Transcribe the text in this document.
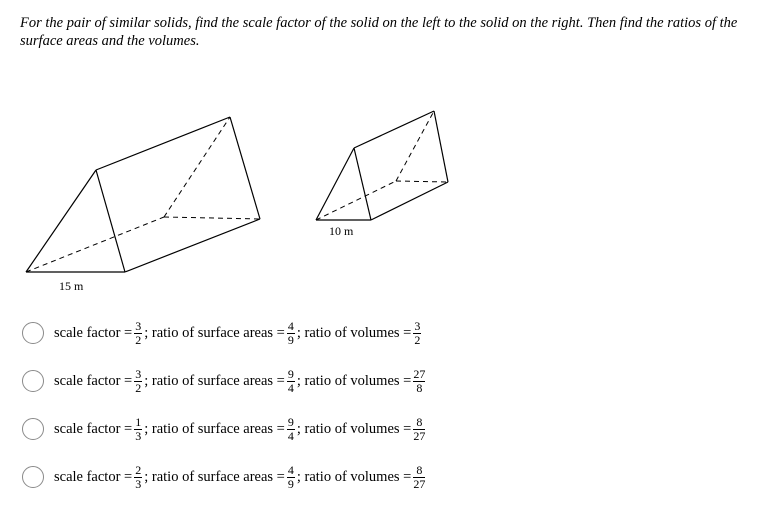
For the pair of similar solids, find the scale factor of the solid on the left to the solid on the right. Then find the ratios of the surface areas and the volumes.
15 m
10 m
scale factor = $\frac{3}{2}$ ; ratio of surface areas = $\frac{4}{9}$ ; ratio of volumes = $\frac{3}{2}$
scale factor = $\frac{3}{2}$ ; ratio of surface areas = $\frac{9}{4}$ ; ratio of volumes = $\frac{27}{8}$
scale factor = $\frac{1}{3}$ ; ratio of surface areas = $\frac{9}{4}$ ; ratio of volumes = $\frac{8}{27}$
scale factor = $\frac{2}{3}$ ; ratio of surface areas = $\frac{4}{9}$ ; ratio of volumes = $\frac{8}{27}$
